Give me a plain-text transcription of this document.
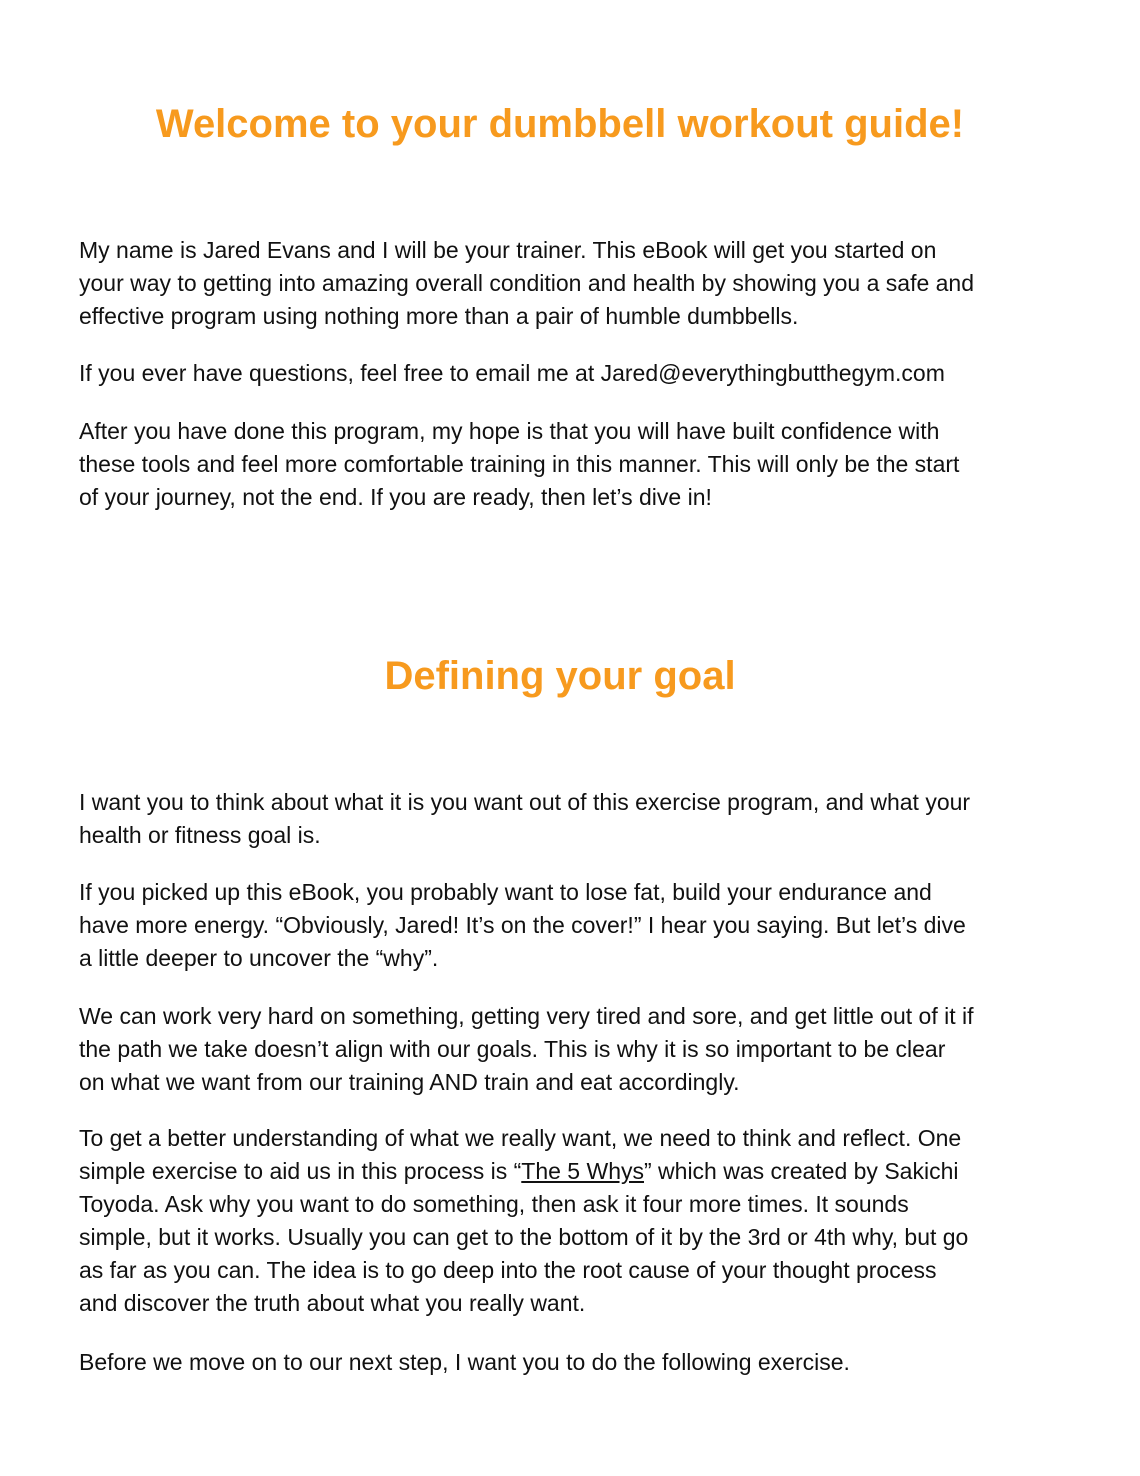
Welcome to your dumbbell workout guide!

My name is Jared Evans and I will be your trainer. This eBook will get you started on
your way to getting into amazing overall condition and health by showing you a safe and
effective program using nothing more than a pair of humble dumbbells.

If you ever have questions, feel free to email me at Jared@everythingbutthegym.com

After you have done this program, my hope is that you will have built confidence with
these tools and feel more comfortable training in this manner. This will only be the start
of your journey, not the end. If you are ready, then let’s dive in!

Defining your goal

I want you to think about what it is you want out of this exercise program, and what your
health or fitness goal is.

If you picked up this eBook, you probably want to lose fat, build your endurance and
have more energy. “Obviously, Jared! It’s on the cover!” I hear you saying. But let’s dive
a little deeper to uncover the “why”.

We can work very hard on something, getting very tired and sore, and get little out of it if
the path we take doesn’t align with our goals. This is why it is so important to be clear
on what we want from our training AND train and eat accordingly.

To get a better understanding of what we really want, we need to think and reflect. One
simple exercise to aid us in this process is “The 5 Whys” which was created by Sakichi
Toyoda. Ask why you want to do something, then ask it four more times. It sounds
simple, but it works. Usually you can get to the bottom of it by the 3rd or 4th why, but go
as far as you can. The idea is to go deep into the root cause of your thought process
and discover the truth about what you really want.

Before we move on to our next step, I want you to do the following exercise.
